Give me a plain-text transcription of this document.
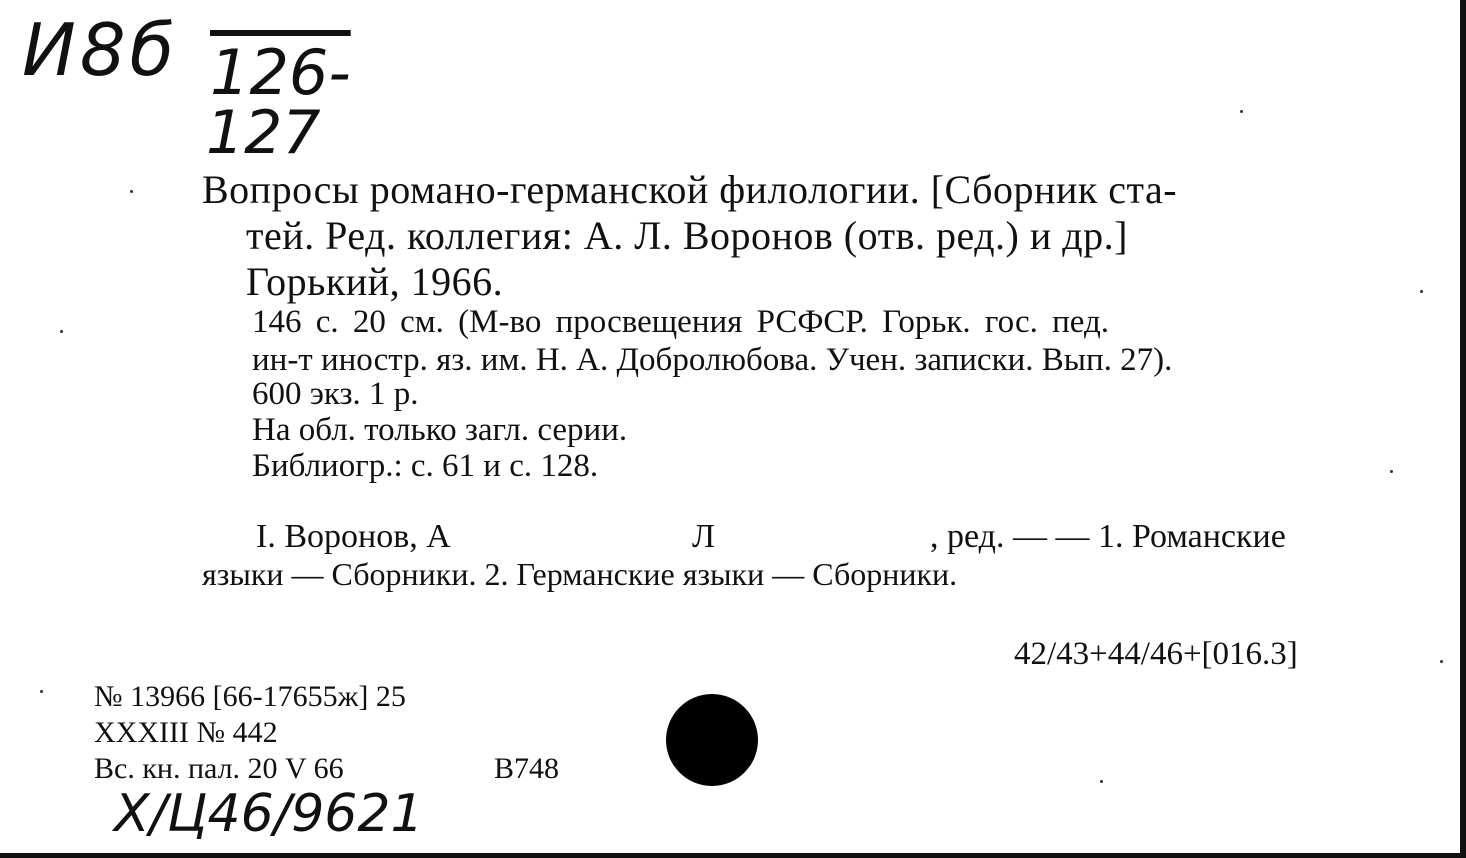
И8б 126-
127
Вопросы романо-германской филологии. [Сборник ста-
тей. Ред. коллегия: А. Л. Воронов (отв. ред.) и др.]
Горький, 1966.
146 с. 20 см. (М-во просвещения РСФСР. Горьк. гос. пед.
ин-т иностр. яз. им. Н. А. Добролюбова. Учен. записки. Вып. 27).
600 экз. 1 р.
На обл. только загл. серии.
Библиогр.: с. 61 и с. 128.
I. Воронов, А	Л	, ред. — — 1. Романские
языки — Сборники. 2. Германские языки — Сборники.
42/43+44/46+[016.3]
№ 13966 [66-17655ж] 25
XXXIII № 442
Вс. кн. пал. 20 V 66	В748
X/Ц46/9621
